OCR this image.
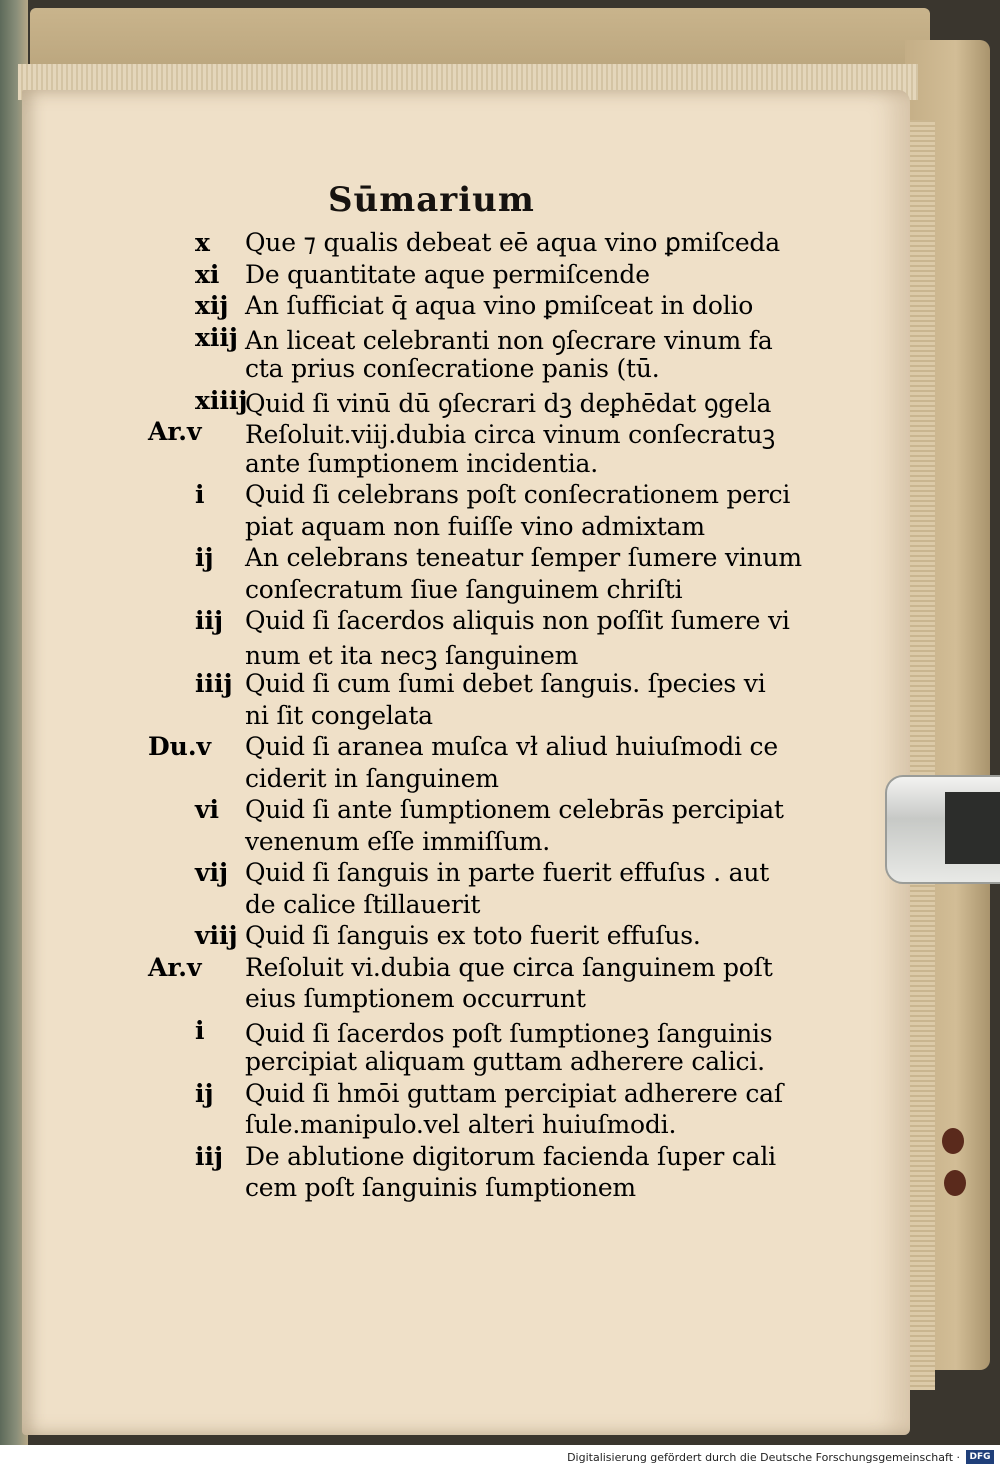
Sūmarium
x Que ⁊ qualis debeat eē aqua vino ꝑmiſceda
xi De quantitate aque permiſcende
xij An ſufficiat q̄ aqua vino ꝑmiſceat in dolio
xiij An liceat celebranti non ꝯſecrare vinum fa
cta prius conſecratione panis (tū.
xiiij
Quid ſi vinū dū ꝯſecrari dꝫ deꝑhēdat ꝯgela
Ar.v Reſoluit.viij.dubia circa vinum conſecratuꝫ
ante ſumptionem incidentia.
i Quid ſi celebrans poſt conſecrationem perci
piat aquam non fuiſſe vino admixtam
ij An celebrans teneatur ſemper ſumere vinum
conſecratum ſiue ſanguinem chriſti
iij Quid ſi ſacerdos aliquis non poſſit ſumere vi
num et ita necꝫ ſanguinem
iiij Quid ſi cum ſumi debet ſanguis. ſpecies vi
ni ſit congelata
Du.v Quid ſi aranea muſca vł aliud huiuſmodi ce
ciderit in ſanguinem
vi Quid ſi ante ſumptionem celebrās percipiat
venenum eſſe immiſſum.
vij Quid ſi ſanguis in parte fuerit effuſus . aut
de calice ſtillauerit
viij Quid ſi ſanguis ex toto fuerit effuſus.
Ar.v Reſoluit vi.dubia que circa ſanguinem poſt
eius ſumptionem occurrunt
i Quid ſi ſacerdos poſt ſumptioneꝫ ſanguinis
percipiat aliquam guttam adherere calici.
ij Quid ſi hmōi guttam percipiat adherere caſ
ſule.manipulo.vel alteri huiuſmodi.
iij De ablutione digitorum facienda ſuper cali
cem poſt ſanguinis ſumptionem
Digitalisierung gefördert durch die Deutsche Forschungsgemeinschaft ·	DFG
